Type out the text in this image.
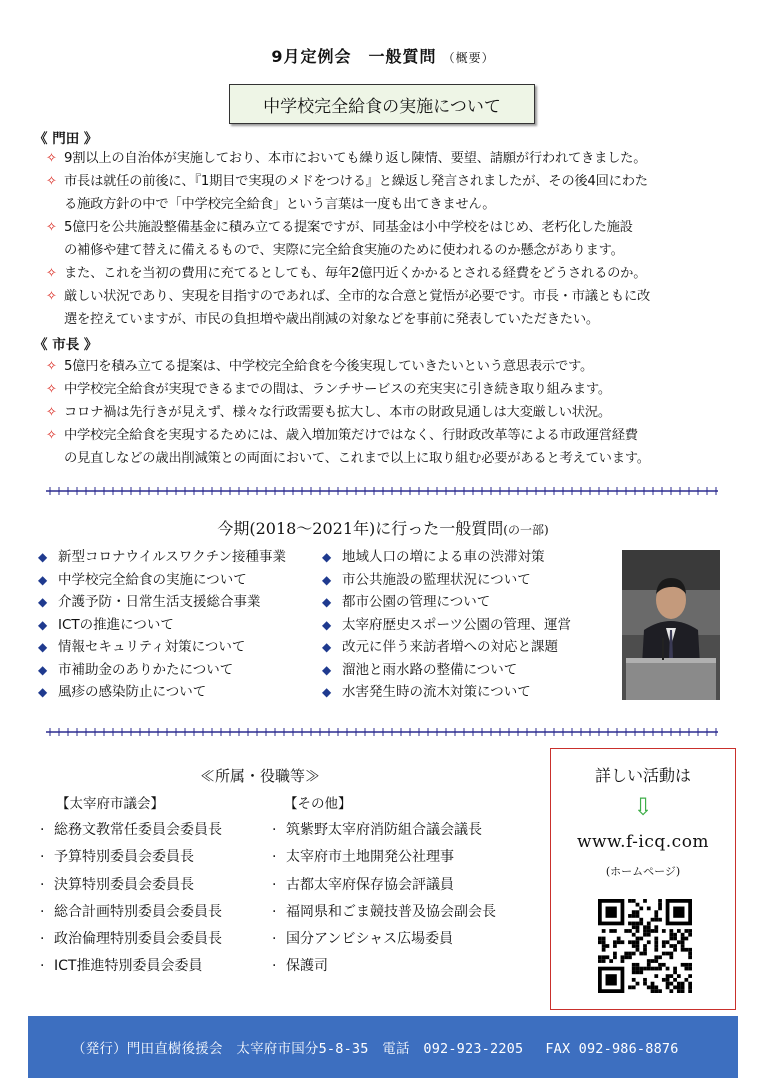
9月定例会　一般質問 （概要）
中学校完全給食の実施について
《 門田 》
✧ 9割以上の自治体が実施しており、本市においても繰り返し陳情、要望、請願が行われてきました。
✧ 市長は就任の前後に、『1期目で実現のメドをつける』と繰返し発言されましたが、その後4回にわた
る施政方針の中で「中学校完全給食」という言葉は一度も出てきません。
✧ 5億円を公共施設整備基金に積み立てる提案ですが、同基金は小中学校をはじめ、老朽化した施設
の補修や建て替えに備えるもので、実際に完全給食実施のために使われるのか懸念があります。
✧ また、これを当初の費用に充てるとしても、毎年2億円近くかかるとされる経費をどうされるのか。
✧ 厳しい状況であり、実現を目指すのであれば、全市的な合意と覚悟が必要です。市長・市議ともに改
選を控えていますが、市民の負担増や歳出削減の対象などを事前に発表していただきたい。
《 市長 》
✧ 5億円を積み立てる提案は、中学校完全給食を今後実現していきたいという意思表示です。
✧ 中学校完全給食が実現できるまでの間は、ランチサービスの充実実に引き続き取り組みます。
✧ コロナ禍は先行きが見えず、様々な行政需要も拡大し、本市の財政見通しは大変厳しい状況。
✧ 中学校完全給食を実現するためには、歳入増加策だけではなく、行財政改革等による市政運営経費
の見直しなどの歳出削減策との両面において、これまで以上に取り組む必要があると考えています。
今期(2018～2021年)に行った一般質問(の一部)
◆ 新型コロナウイルスワクチン接種事業
◆ 中学校完全給食の実施について
◆ 介護予防・日常生活支援総合事業
◆ ICTの推進について
◆ 情報セキュリティ対策について
◆ 市補助金のありかたについて
◆ 風疹の感染防止について
◆ 地域人口の増による車の渋滞対策
◆ 市公共施設の監理状況について
◆ 都市公園の管理について
◆ 太宰府歴史スポーツ公園の管理、運営
◆ 改元に伴う来訪者増への対応と課題
◆ 溜池と雨水路の整備について
◆ 水害発生時の流木対策について
≪所属・役職等≫
【太宰府市議会】	【その他】
· 総務文教常任委員会委員長
· 予算特別委員会委員長
· 決算特別委員会委員長
· 総合計画特別委員会委員長
· 政治倫理特別委員会委員長
· ICT推進特別委員会委員
· 筑紫野太宰府消防組合議会議長
· 太宰府市土地開発公社理事
· 古都太宰府保存協会評議員
· 福岡県和ごま競技普及協会副会長
· 国分アンビシャス広場委員
· 保護司
詳しい活動は
⇩
www.f-icq.com
(ホームページ)
（発行）門田直樹後援会　太宰府市国分5-8-35　電話　092-923-2205　 FAX 092-986-8876
